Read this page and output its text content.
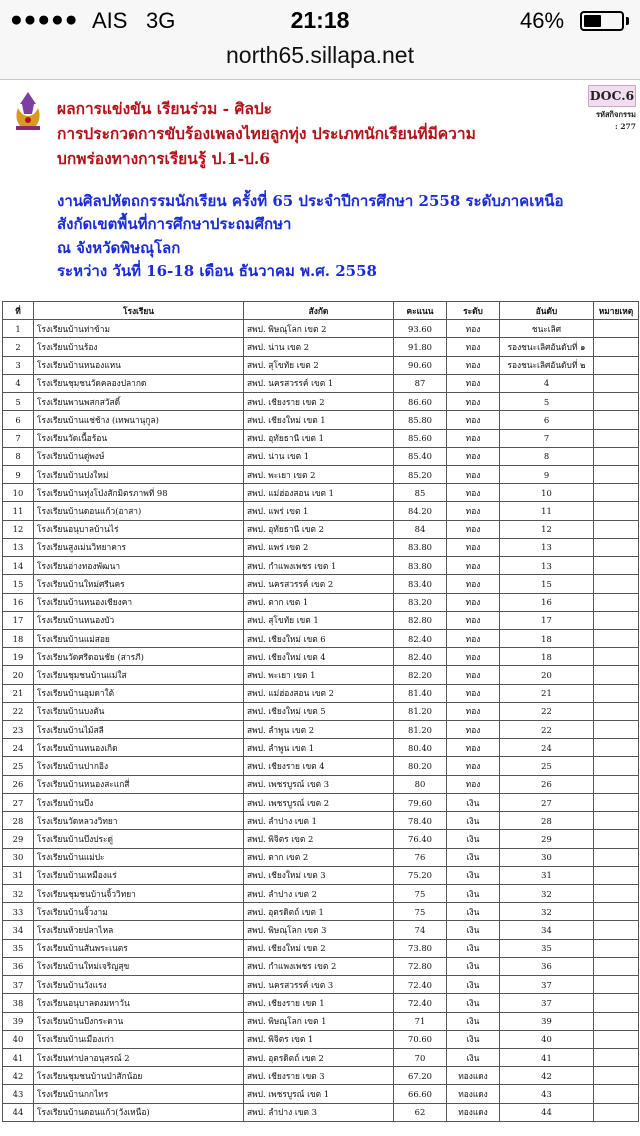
●●●●● AIS 3G	21:18	46%
north65.sillapa.net
ผลการแข่งขัน เรียนร่วม - ศิลปะ
การประกวดการขับร้องเพลงไทยลูกทุ่ง ประเภทนักเรียนที่มีความ
บกพร่องทางการเรียนรู้ ป.1-ป.6
DOC.6
รหัสกิจกรรม
: 277
งานศิลปหัตถกรรมนักเรียน ครั้งที่ 65 ประจำปีการศึกษา 2558 ระดับภาคเหนือ
สังกัดเขตพื้นที่การศึกษาประถมศึกษา
ณ จังหวัดพิษณุโลก
ระหว่าง วันที่ 16-18 เดือน ธันวาคม พ.ศ. 2558
ที่	โรงเรียน	สังกัด	คะแนน	ระดับ	อันดับ	หมายเหตุ
1	โรงเรียนบ้านท่าข้าม	สพป. พิษณุโลก เขต 2	93.60	ทอง	ชนะเลิศ	
2	โรงเรียนบ้านร้อง	สพป. น่าน เขต 2	91.80	ทอง	รองชนะเลิศอันดับที่ ๑	
3	โรงเรียนบ้านหนองแหน	สพป. สุโขทัย เขต 2	90.60	ทอง	รองชนะเลิศอันดับที่ ๒	
4	โรงเรียนชุมชนวัดคลองปลากด	สพป. นครสวรรค์ เขต 1	87	ทอง	4	
5	โรงเรียนพานพสกสวัสดิ์	สพป. เชียงราย เขต 2	86.60	ทอง	5	
6	โรงเรียนบ้านแช่ช้าง (เทพนานุกูล)	สพป. เชียงใหม่ เขต 1	85.80	ทอง	6	
7	โรงเรียนวัดเนื้อร้อน	สพป. อุทัยธานี เขต 1	85.60	ทอง	7	
8	โรงเรียนบ้านดู่พงษ์	สพป. น่าน เขต 1	85.40	ทอง	8	
9	โรงเรียนบ้านปงใหม่	สพป. พะเยา เขต 2	85.20	ทอง	9	
10	โรงเรียนบ้านทุ่งโป่งสักมิตรภาพที่ 98	สพป. แม่ฮ่องสอน เขต 1	85	ทอง	10	
11	โรงเรียนบ้านดอนแก้ว(อาสา)	สพป. แพร่ เขต 1	84.20	ทอง	11	
12	โรงเรียนอนุบาลบ้านไร่	สพป. อุทัยธานี เขต 2	84	ทอง	12	
13	โรงเรียนสูงเม่นวิทยาคาร	สพป. แพร่ เขต 2	83.80	ทอง	13	
14	โรงเรียนอ่างทองพัฒนา	สพป. กำแพงเพชร เขต 1	83.80	ทอง	13	
15	โรงเรียนบ้านใหม่ศรีนคร	สพป. นครสวรรค์ เขต 2	83.40	ทอง	15	
16	โรงเรียนบ้านหนองเชียงคา	สพป. ตาก เขต 1	83.20	ทอง	16	
17	โรงเรียนบ้านหนองบัว	สพป. สุโขทัย เขต 1	82.80	ทอง	17	
18	โรงเรียนบ้านแม่สอย	สพป. เชียงใหม่ เขต 6	82.40	ทอง	18	
19	โรงเรียนวัดศรีดอนชัย (สารภี)	สพป. เชียงใหม่ เขต 4	82.40	ทอง	18	
20	โรงเรียนชุมชนบ้านแม่ใส	สพป. พะเยา เขต 1	82.20	ทอง	20	
21	โรงเรียนบ้านอุมดาใต้	สพป. แม่ฮ่องสอน เขต 2	81.40	ทอง	21	
22	โรงเรียนบ้านบงตัน	สพป. เชียงใหม่ เขต 5	81.20	ทอง	22	
23	โรงเรียนบ้านไม้สลี	สพป. ลำพูน เขต 2	81.20	ทอง	22	
24	โรงเรียนบ้านหนองเกิด	สพป. ลำพูน เขต 1	80.40	ทอง	24	
25	โรงเรียนบ้านปากอิง	สพป. เชียงราย เขต 4	80.20	ทอง	25	
26	โรงเรียนบ้านหนองสะแกสี่	สพป. เพชรบูรณ์ เขต 3	80	ทอง	26	
27	โรงเรียนบ้านบึง	สพป. เพชรบูรณ์ เขต 2	79.60	เงิน	27	
28	โรงเรียนวัดหลวงวิทยา	สพป. ลำปาง เขต 1	78.40	เงิน	28	
29	โรงเรียนบ้านบึงประดู่	สพป. พิจิตร เขต 2	76.40	เงิน	29	
30	โรงเรียนบ้านแม่ปะ	สพป. ตาก เขต 2	76	เงิน	30	
31	โรงเรียนบ้านเหมืองแร่	สพป. เชียงใหม่ เขต 3	75.20	เงิน	31	
32	โรงเรียนชุมชนบ้านจิ้ววิทยา	สพป. ลำปาง เขต 2	75	เงิน	32	
33	โรงเรียนบ้านจิ้วงาม	สพป. อุตรดิตถ์ เขต 1	75	เงิน	32	
34	โรงเรียนห้วยปลาไหล	สพป. พิษณุโลก เขต 3	74	เงิน	34	
35	โรงเรียนบ้านสันพระเนตร	สพป. เชียงใหม่ เขต 2	73.80	เงิน	35	
36	โรงเรียนบ้านใหม่เจริญสุข	สพป. กำแพงเพชร เขต 2	72.80	เงิน	36	
37	โรงเรียนบ้านวังแรง	สพป. นครสวรรค์ เขต 3	72.40	เงิน	37	
38	โรงเรียนอนุบาลดงมหาวัน	สพป. เชียงราย เขต 1	72.40	เงิน	37	
39	โรงเรียนบ้านบึงกระดาน	สพป. พิษณุโลก เขต 1	71	เงิน	39	
40	โรงเรียนบ้านเมืองเก่า	สพป. พิจิตร เขต 1	70.60	เงิน	40	
41	โรงเรียนท่าปลาอนุสรณ์ 2	สพป. อุตรดิตถ์ เขต 2	70	เงิน	41	
42	โรงเรียนชุมชนบ้านป่าสักน้อย	สพป. เชียงราย เขต 3	67.20	ทองแดง	42	
43	โรงเรียนบ้านกกไทร	สพป. เพชรบูรณ์ เขต 1	66.60	ทองแดง	43	
44	โรงเรียนบ้านดอนแก้ว(วังเหนือ)	สพป. ลำปาง เขต 3	62	ทองแดง	44	
